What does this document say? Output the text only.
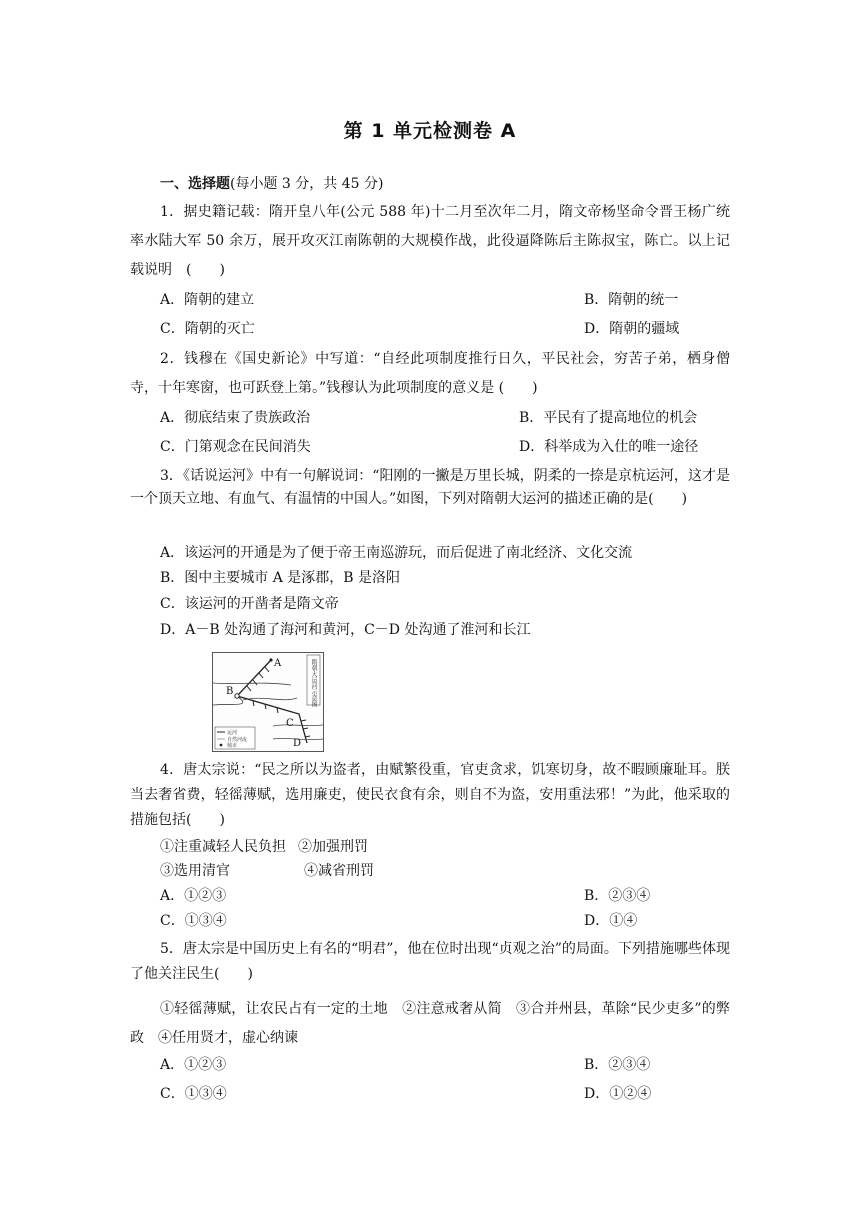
第 1 单元检测卷 A
一、选择题(每小题 3 分，共 45 分)

1．据史籍记载：隋开皇八年(公元 588 年)十二月至次年二月，隋文帝杨坚命令晋王杨广统率水陆大军 50 余万，展开攻灭江南陈朝的大规模作战，此役逼降陈后主陈叔宝，陈亡。以上记载说明　(　　)

A．隋朝的建立	B．隋朝的统一
C．隋朝的灭亡	D．隋朝的疆域

2．钱穆在《国史新论》中写道：“自经此项制度推行日久，平民社会，穷苦子弟，栖身僧寺，十年寒窗，也可跃登上第。”钱穆认为此项制度的意义是 (　　)

A．彻底结束了贵族政治	B．平民有了提高地位的机会
C．门第观念在民间消失	D．科举成为入仕的唯一途径

3．《话说运河》中有一句解说词：“阳刚的一撇是万里长城，阴柔的一捺是京杭运河，这才是一个顶天立地、有血气、有温情的中国人。”如图，下列对隋朝大运河的描述正确的是(　　)

A．该运河的开通是为了便于帝王南巡游玩，而后促进了南北经济、文化交流
B．图中主要城市 A 是涿郡，B 是洛阳
C．该运河的开凿者是隋文帝
D．A－B 处沟通了海河和黄河，C－D 处沟通了淮河和长江
隋朝大运河示意图
A
B
C
D
运河
自然河流
城市

4．唐太宗说：“民之所以为盗者，由赋繁役重，官吏贪求，饥寒切身，故不暇顾廉耻耳。朕当去奢省费，轻徭薄赋，选用廉吏，使民衣食有余，则自不为盗，安用重法邪！”为此，他采取的措施包括(　　)

①注重减轻人民负担 ②加强刑罚
③选用清官	④减省刑罚
A．①②③	B．②③④
C．①③④	D．①④

5．唐太宗是中国历史上有名的“明君”，他在位时出现“贞观之治”的局面。下列措施哪些体现了他关注民生(　　)

①轻徭薄赋，让农民占有一定的土地　②注意戒奢从简　③合并州县，革除“民少吏多”的弊政　④任用贤才，虚心纳谏

A．①②③	B．②③④
C．①③④	D．①②④
